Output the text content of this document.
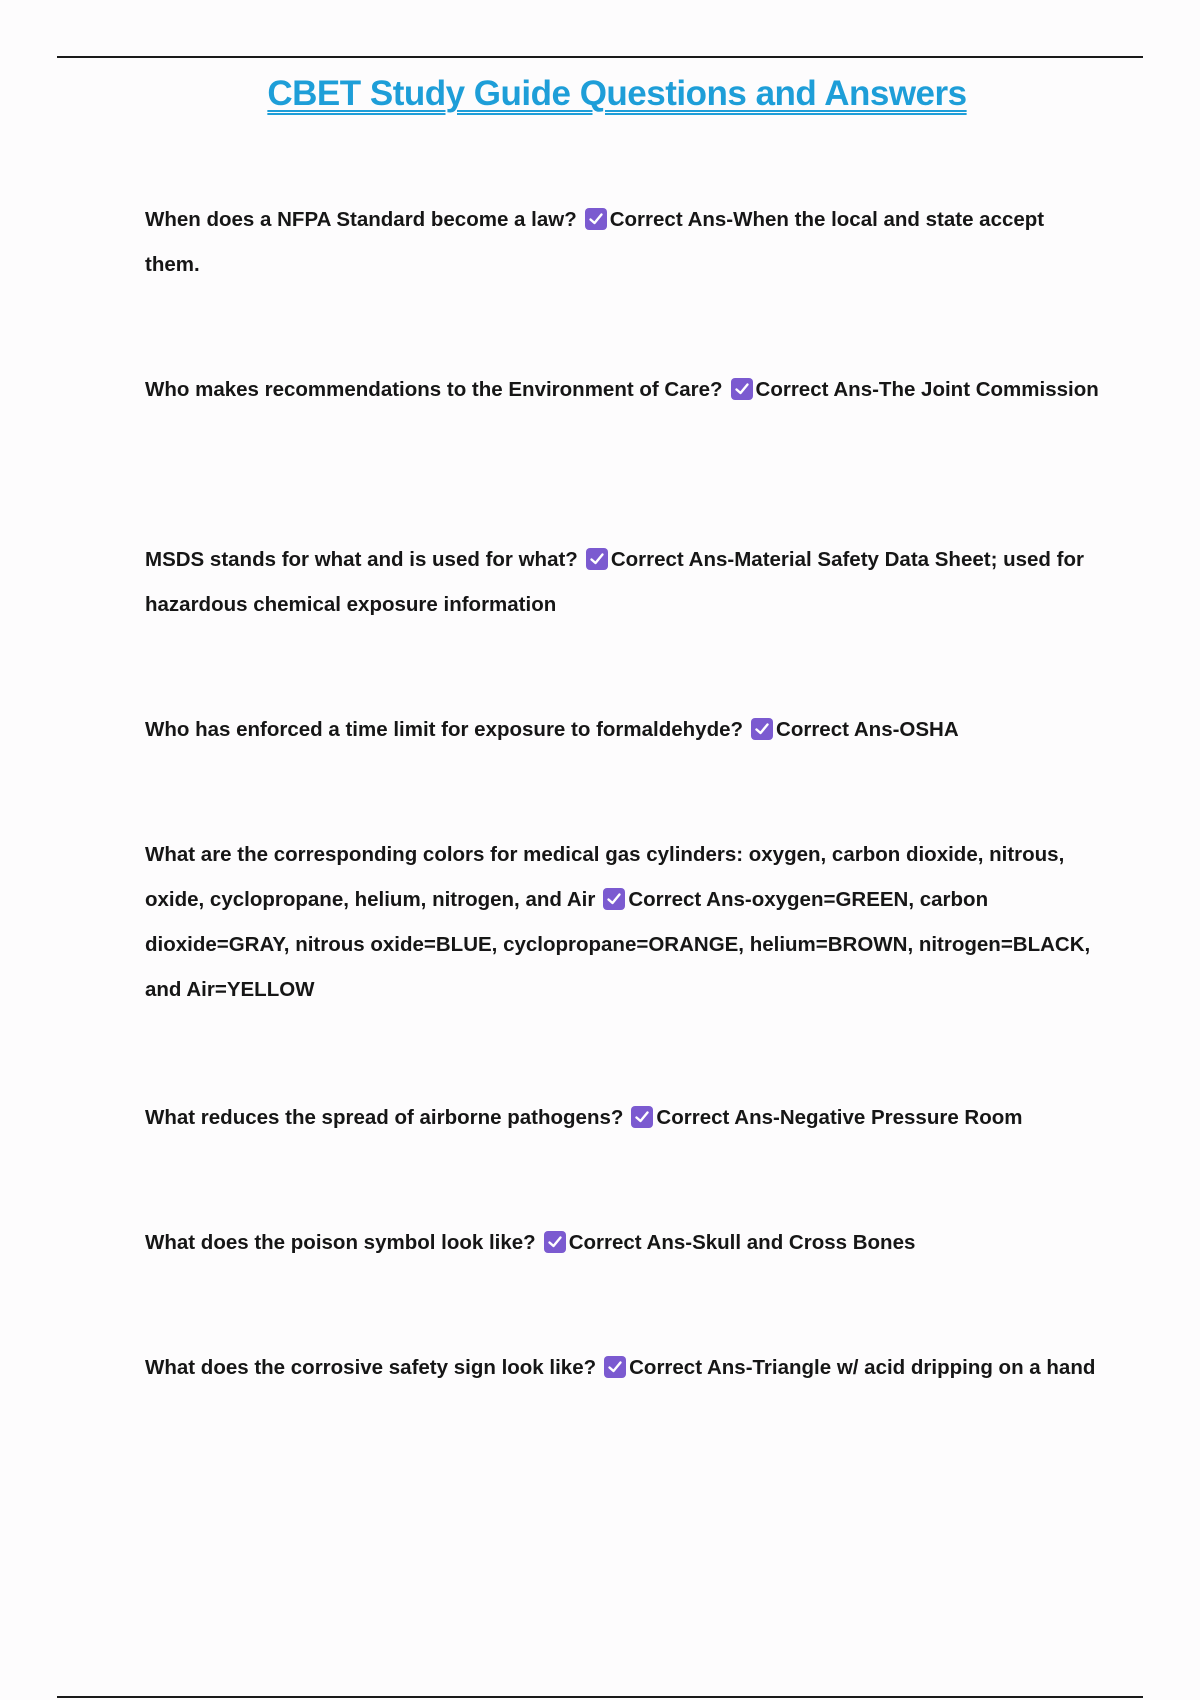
CBET Study Guide Questions and Answers

When does a NFPA Standard become a law? Correct Ans-When the local and state accept them.

Who makes recommendations to the Environment of Care? Correct Ans-The Joint Commission

MSDS stands for what and is used for what? Correct Ans-Material Safety Data Sheet; used for hazardous chemical exposure information

Who has enforced a time limit for exposure to formaldehyde? Correct Ans-OSHA

What are the corresponding colors for medical gas cylinders: oxygen, carbon dioxide, nitrous, oxide, cyclopropane, helium, nitrogen, and Air Correct Ans-oxygen=GREEN, carbon dioxide=GRAY, nitrous oxide=BLUE, cyclopropane=ORANGE, helium=BROWN, nitrogen=BLACK, and Air=YELLOW

What reduces the spread of airborne pathogens? Correct Ans-Negative Pressure Room

What does the poison symbol look like? Correct Ans-Skull and Cross Bones

What does the corrosive safety sign look like? Correct Ans-Triangle w/ acid dripping on a hand
